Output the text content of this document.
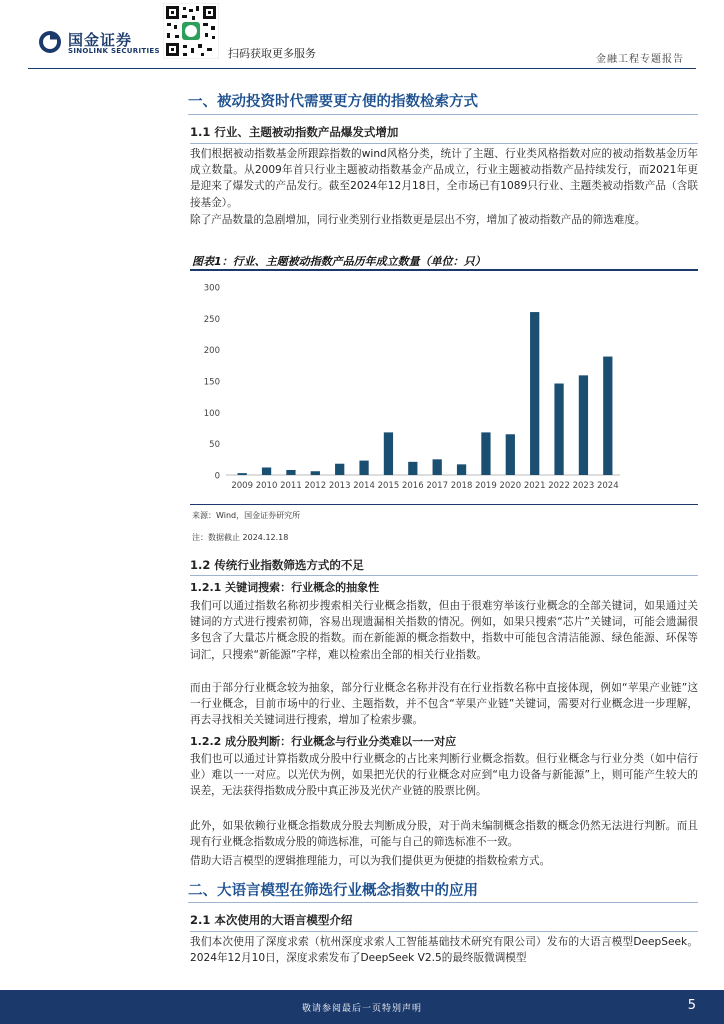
国金证券
SINOLINK SECURITIES	扫码获取更多服务	金融工程专题报告
一、被动投资时代需要更方便的指数检索方式
1.1 行业、主题被动指数产品爆发式增加

我们根据被动指数基金所跟踪指数的wind风格分类，统计了主题、行业类风格指数对应的被动指数基金历年成立数量。从2009年首只行业主题被动指数基金产品成立，行业主题被动指数产品持续发行，而2021年更是迎来了爆发式的产品发行。截至2024年12月18日，全市场已有1089只行业、主题类被动指数产品（含联接基金）。

除了产品数量的急剧增加，同行业类别行业指数更是层出不穷，增加了被动指数产品的筛选难度。

图表1：行业、主题被动指数产品历年成立数量（单位：只）
0
50
100
150
200
250
300
2009 2010 2011 2012 2013 2014 2015 2016 2017 2018 2019 2020 2021 2022 2023 2024
来源：Wind，国金证券研究所
注：数据截止 2024.12.18
1.2 传统行业指数筛选方式的不足
1.2.1 关键词搜索：行业概念的抽象性

我们可以通过指数名称初步搜索相关行业概念指数，但由于很难穷举该行业概念的全部关键词，如果通过关键词的方式进行搜索初筛，容易出现遗漏相关指数的情况。例如，如果只搜索“芯片”关键词，可能会遗漏很多包含了大量芯片概念股的指数。而在新能源的概念指数中，指数中可能包含清洁能源、绿色能源、环保等词汇，只搜索“新能源”字样，难以检索出全部的相关行业指数。

而由于部分行业概念较为抽象，部分行业概念名称并没有在行业指数名称中直接体现，例如“苹果产业链”这一行业概念，目前市场中的行业、主题指数，并不包含“苹果产业链”关键词，需要对行业概念进一步理解，再去寻找相关关键词进行搜索，增加了检索步骤。

1.2.2 成分股判断：行业概念与行业分类难以一一对应

我们也可以通过计算指数成分股中行业概念的占比来判断行业概念指数。但行业概念与行业分类（如中信行业）难以一一对应。以光伏为例，如果把光伏的行业概念对应到“电力设备与新能源”上，则可能产生较大的误差，无法获得指数成分股中真正涉及光伏产业链的股票比例。

此外，如果依赖行业概念指数成分股去判断成分股，对于尚未编制概念指数的概念仍然无法进行判断。而且现有行业概念指数成分股的筛选标准，可能与自己的筛选标准不一致。

借助大语言模型的逻辑推理能力，可以为我们提供更为便捷的指数检索方式。

二、大语言模型在筛选行业概念指数中的应用
2.1 本次使用的大语言模型介绍

我们本次使用了深度求索（杭州深度求索人工智能基础技术研究有限公司）发布的大语言模型DeepSeek。2024年12月10日，深度求索发布了DeepSeek V2.5的最终版微调模型

敬请参阅最后一页特别声明	5
